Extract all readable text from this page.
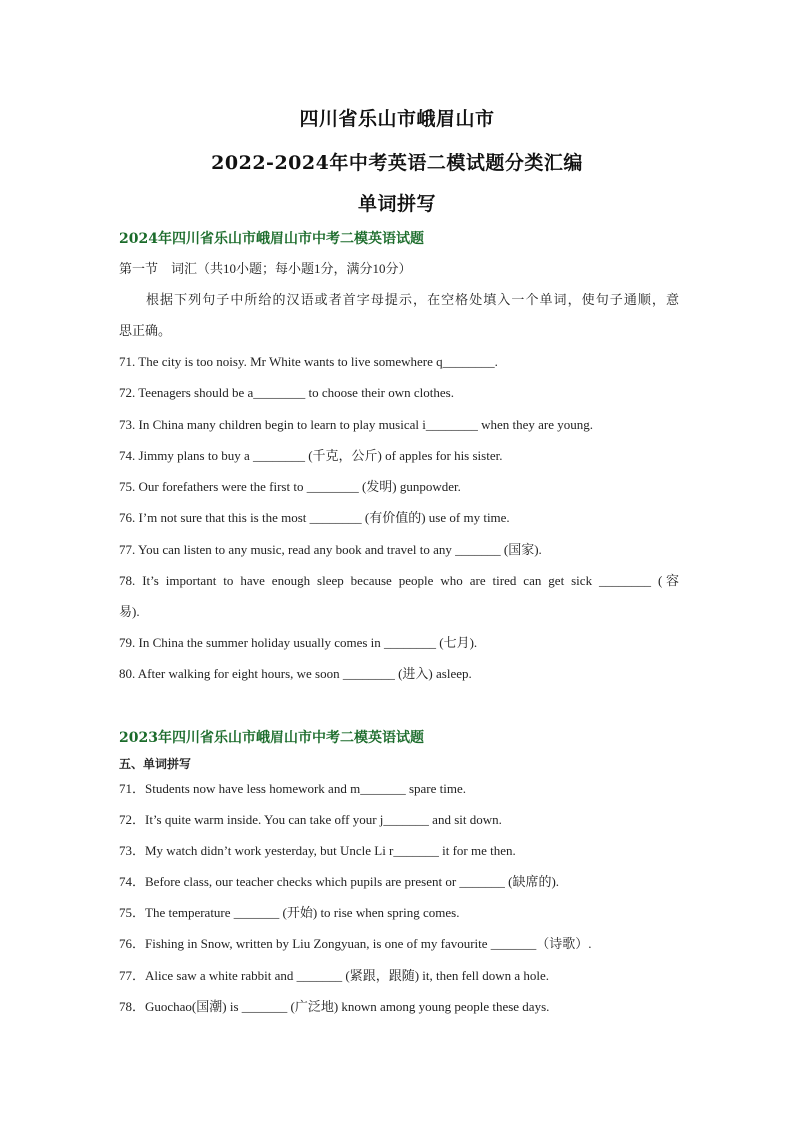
四川省乐山市峨眉山市
2022-2024年中考英语二模试题分类汇编
单词拼写
2024年四川省乐山市峨眉山市中考二模英语试题
第一节　词汇（共10小题；每小题1分，满分10分）
根据下列句子中所给的汉语或者首字母提示，在空格处填入一个单词，使句子通顺，意
思正确。
71. The city is too noisy. Mr White wants to live somewhere q________.
72. Teenagers should be a________ to choose their own clothes.
73. In China many children begin to learn to play musical i________ when they are young.
74. Jimmy plans to buy a ________ (千克，公斤) of apples for his sister.
75. Our forefathers were the first to ________ (发明) gunpowder.
76. I’m not sure that this is the most ________ (有价值的) use of my time.
77. You can listen to any music, read any book and travel to any _______ (国家).
78. It’s important to have enough sleep because people who are tired can get sick ________ (容
易).
79. In China the summer holiday usually comes in ________ (七月).
80. After walking for eight hours, we soon ________ (进入) asleep.
2023年四川省乐山市峨眉山市中考二模英语试题
五、单词拼写
71．Students now have less homework and m_______ spare time.
72．It’s quite warm inside. You can take off your j_______ and sit down.
73．My watch didn’t work yesterday, but Uncle Li r_______ it for me then.
74．Before class, our teacher checks which pupils are present or _______ (缺席的).
75．The temperature _______ (开始) to rise when spring comes.
76．Fishing in Snow, written by Liu Zongyuan, is one of my favourite _______（诗歌）.
77．Alice saw a white rabbit and _______ (紧跟，跟随) it, then fell down a hole.
78．Guochao(国潮) is _______ (广泛地) known among young people these days.
